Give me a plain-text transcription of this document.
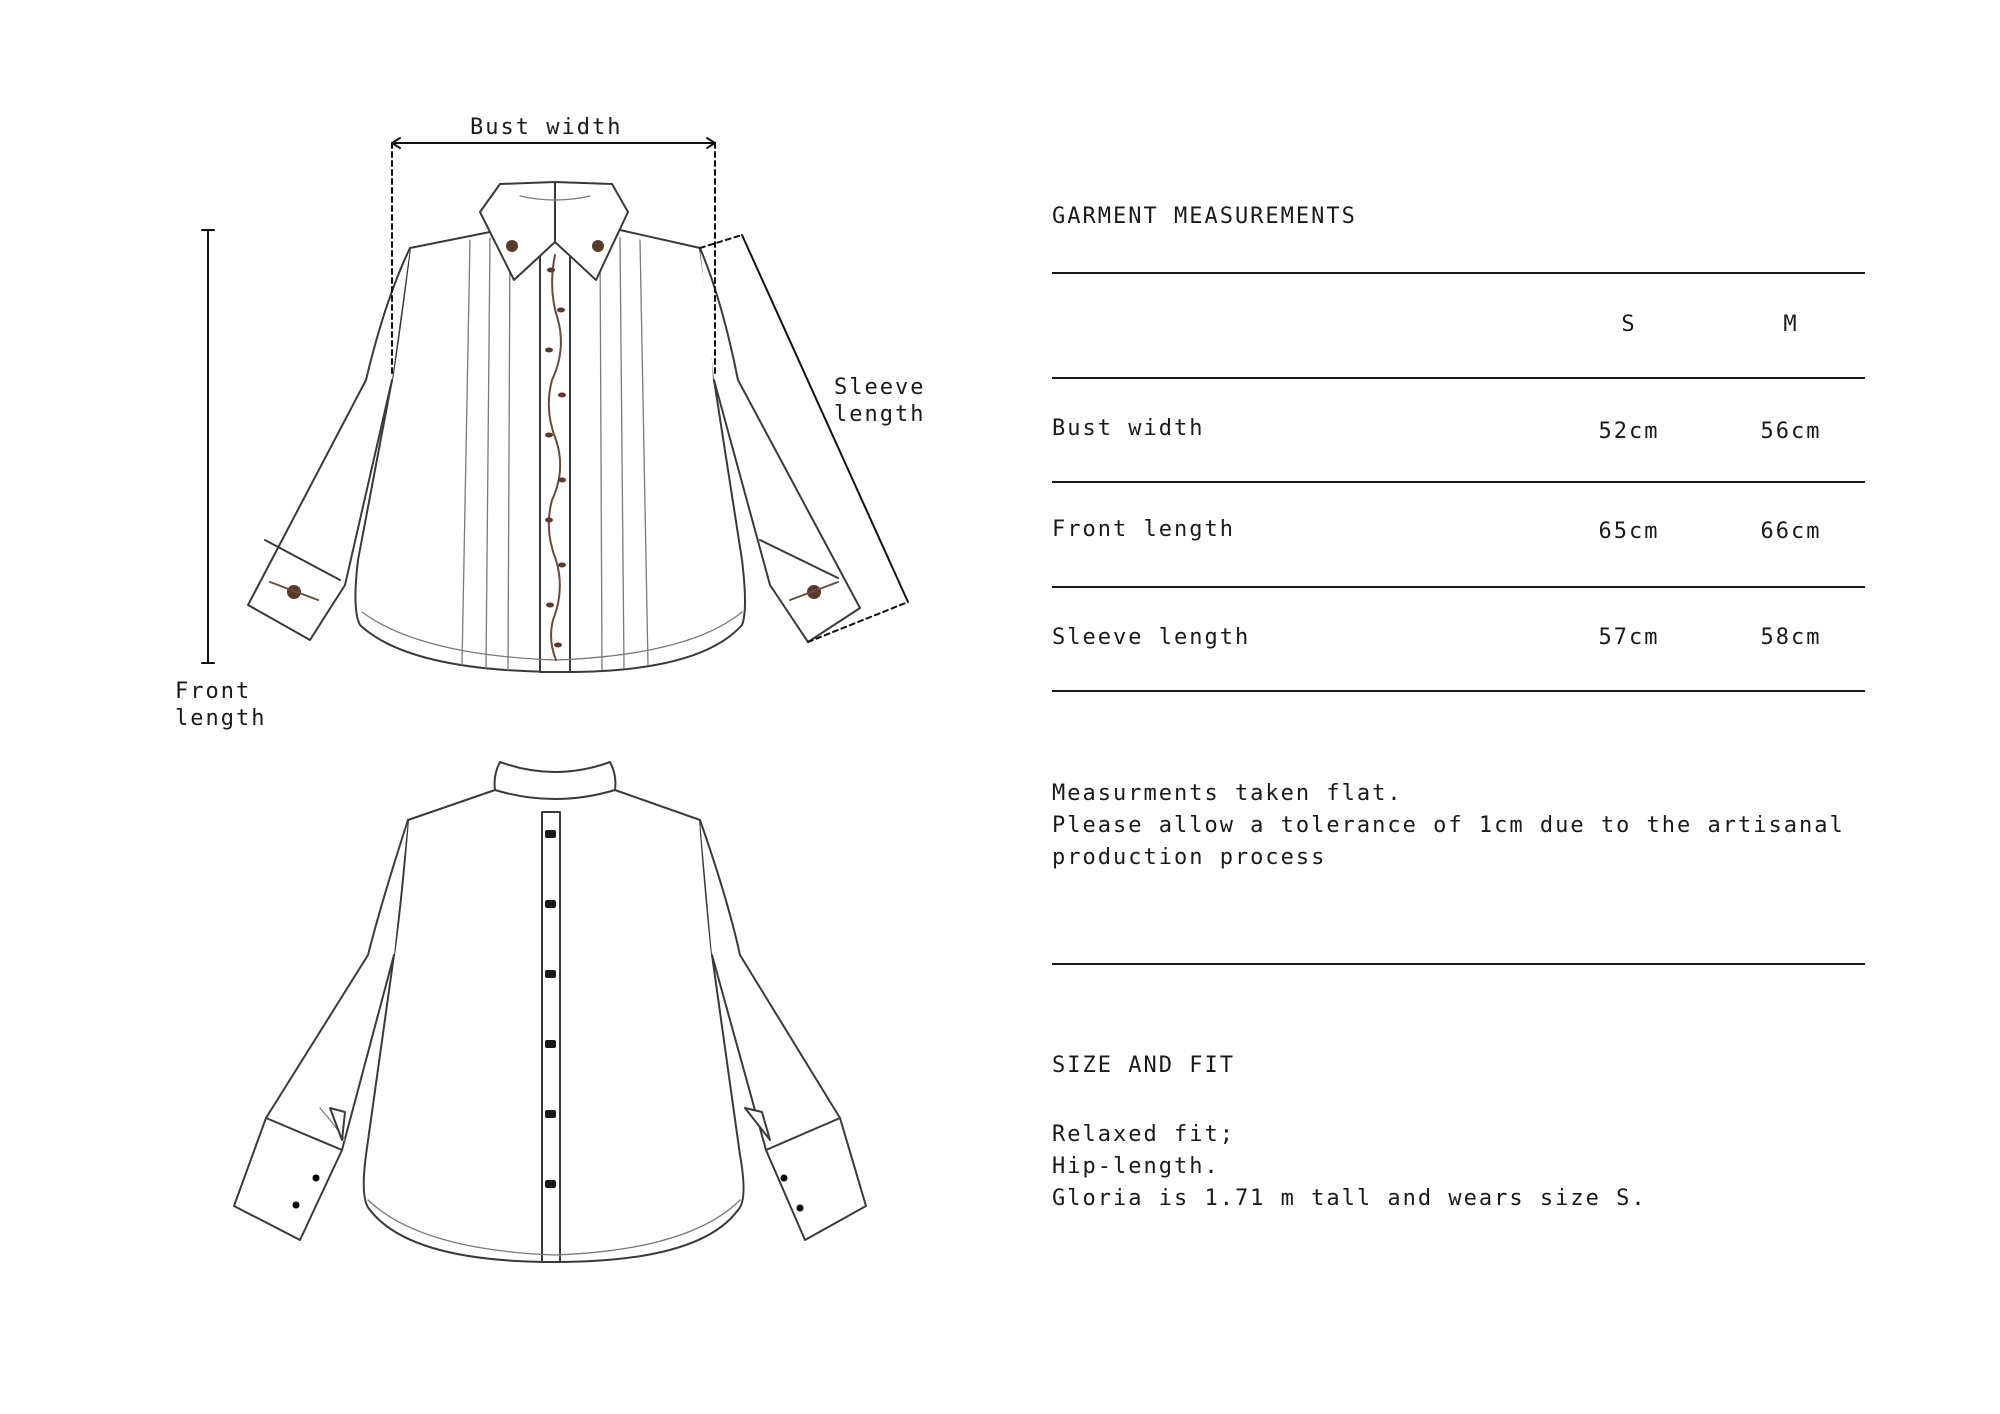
Bust width
Front
length
Sleeve
length
GARMENT MEASUREMENTS
S	M
Bust width	52cm	56cm
Front length	65cm	66cm
Sleeve length	57cm	58cm
Measurments taken flat.
Please allow a tolerance of 1cm due to the artisanal
production process
SIZE AND FIT
Relaxed fit;
Hip-length.
Gloria is 1.71 m tall and wears size S.
